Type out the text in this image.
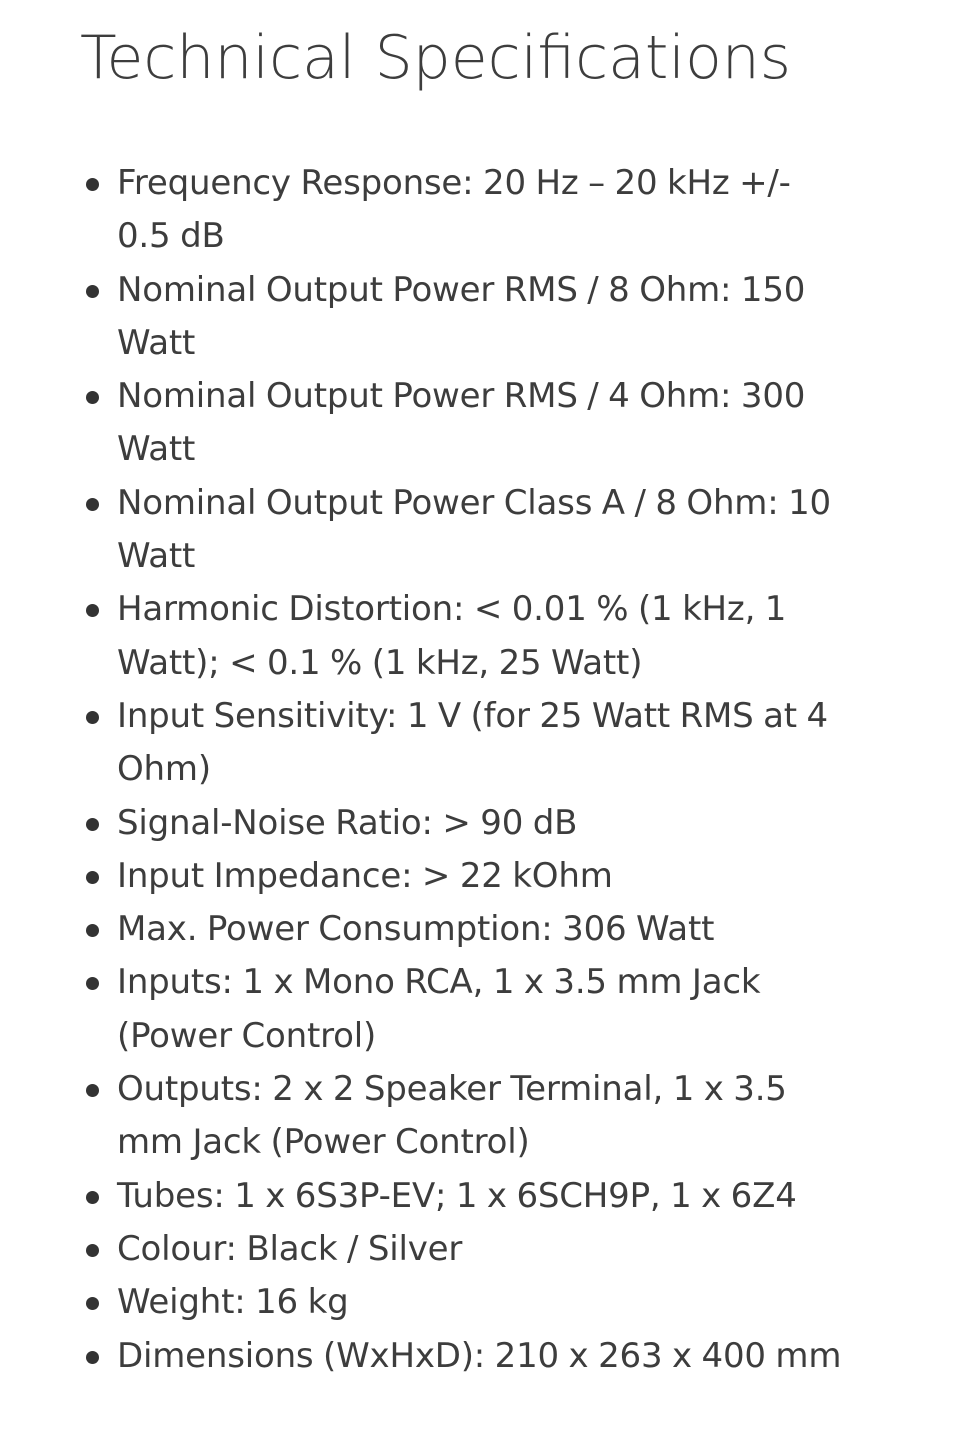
Technical Specifications
Frequency Response: 20 Hz – 20 kHz +/- 0.5 dB
Nominal Output Power RMS / 8 Ohm: 150 Watt
Nominal Output Power RMS / 4 Ohm: 300 Watt
Nominal Output Power Class A / 8 Ohm: 10 Watt
Harmonic Distortion: < 0.01 % (1 kHz, 1 Watt); < 0.1 % (1 kHz, 25 Watt)
Input Sensitivity: 1 V (for 25 Watt RMS at 4 Ohm)
Signal-Noise Ratio: > 90 dB
Input Impedance: > 22 kOhm
Max. Power Consumption: 306 Watt
Inputs: 1 x Mono RCA, 1 x 3.5 mm Jack (Power Control)
Outputs: 2 x 2 Speaker Terminal, 1 x 3.5 mm Jack (Power Control)
Tubes: 1 x 6S3P-EV; 1 x 6SCH9P, 1 x 6Z4
Colour: Black / Silver
Weight: 16 kg
Dimensions (WxHxD): 210 x 263 x 400 mm
